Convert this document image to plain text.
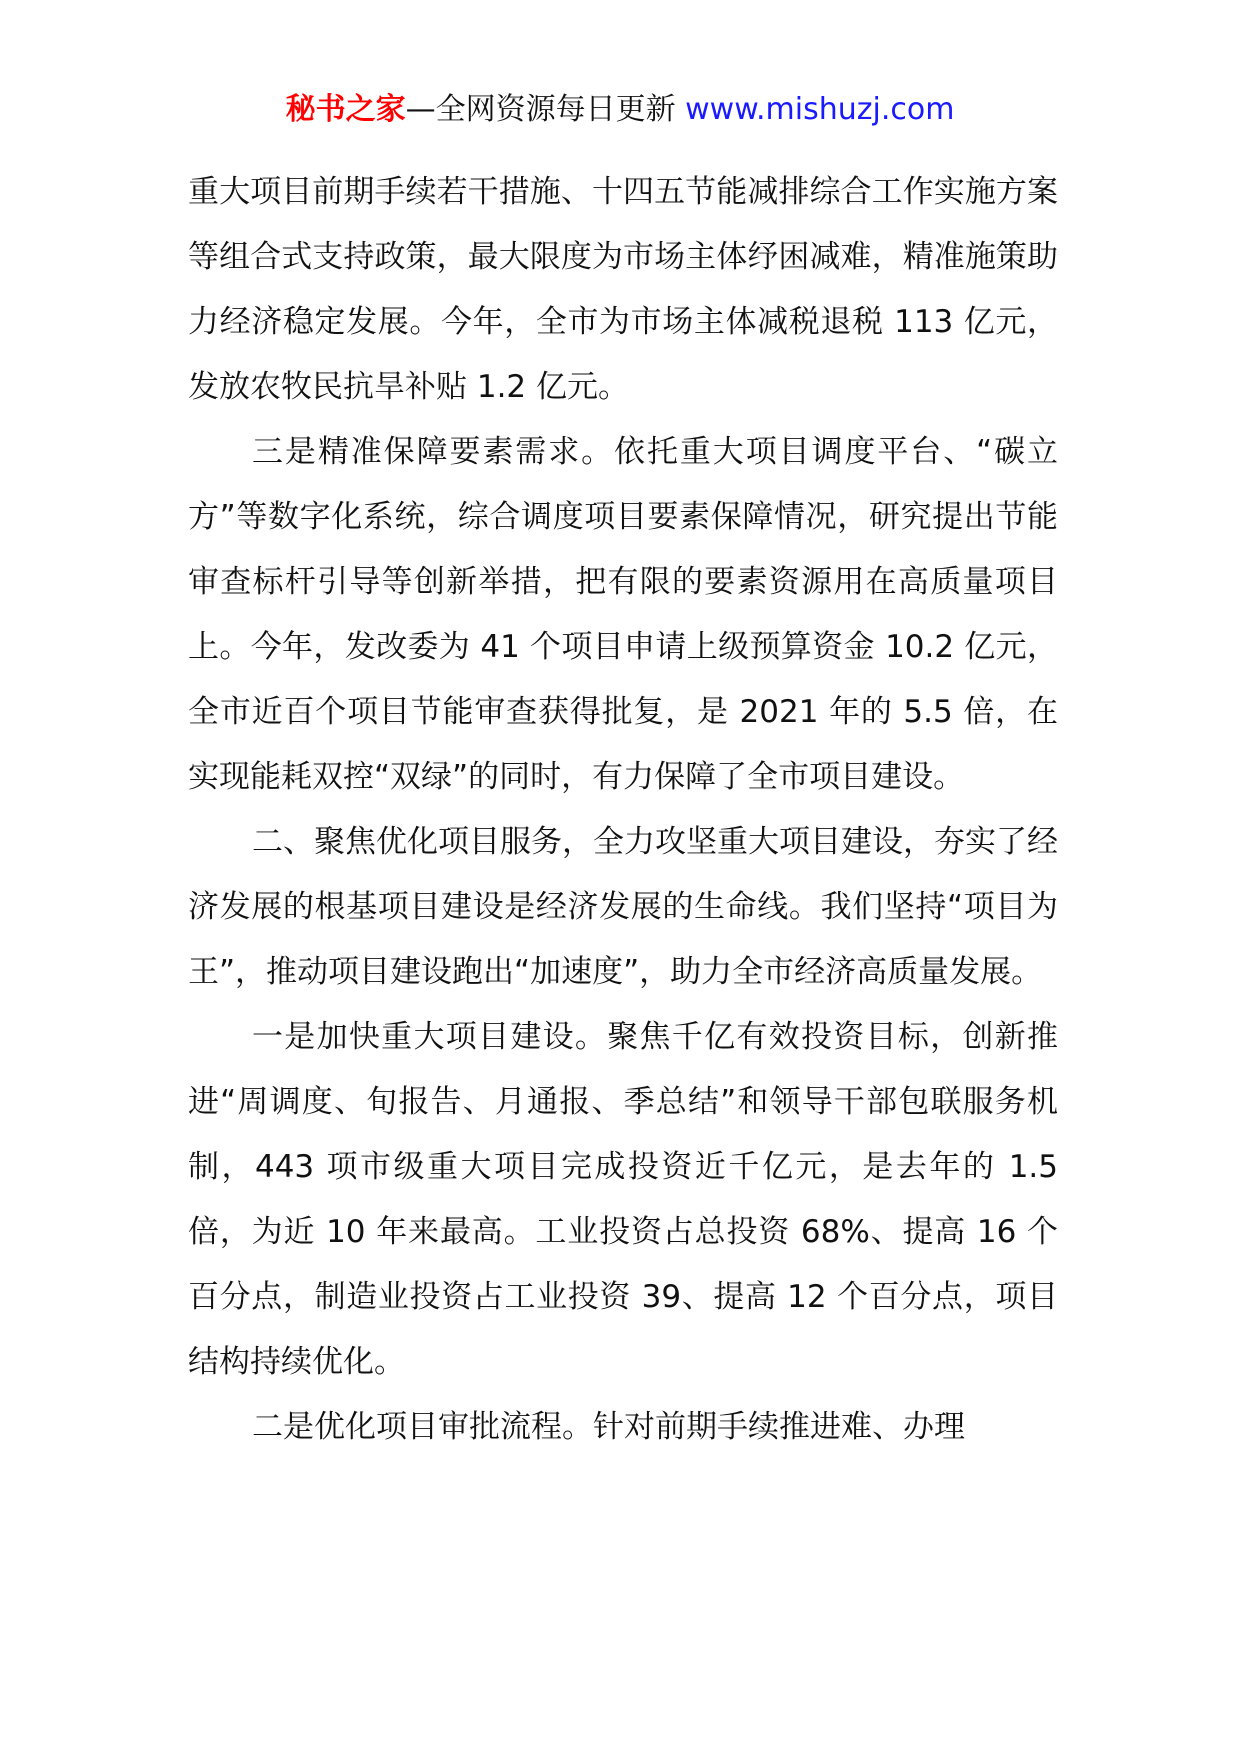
秘书之家—全网资源每日更新 www.mishuzj.com

重大项目前期手续若干措施、十四五节能减排综合工作实施方案等组合式支持政策，最大限度为市场主体纾困减难，精准施策助力经济稳定发展。今年，全市为市场主体减税退税 113 亿元，发放农牧民抗旱补贴 1.2 亿元。

三是精准保障要素需求。依托重大项目调度平台、“碳立方”等数字化系统，综合调度项目要素保障情况，研究提出节能审查标杆引导等创新举措，把有限的要素资源用在高质量项目上。今年，发改委为 41 个项目申请上级预算资金 10.2 亿元，全市近百个项目节能审查获得批复，是 2021 年的 5.5 倍，在实现能耗双控“双绿”的同时，有力保障了全市项目建设。

二、聚焦优化项目服务，全力攻坚重大项目建设，夯实了经济发展的根基项目建设是经济发展的生命线。我们坚持“项目为王”，推动项目建设跑出“加速度”，助力全市经济高质量发展。

一是加快重大项目建设。聚焦千亿有效投资目标，创新推进“周调度、旬报告、月通报、季总结”和领导干部包联服务机制，443 项市级重大项目完成投资近千亿元，是去年的 1.5 倍，为近 10 年来最高。工业投资占总投资 68%、提高 16 个百分点，制造业投资占工业投资 39、提高 12 个百分点，项目结构持续优化。

二是优化项目审批流程。针对前期手续推进难、办理
